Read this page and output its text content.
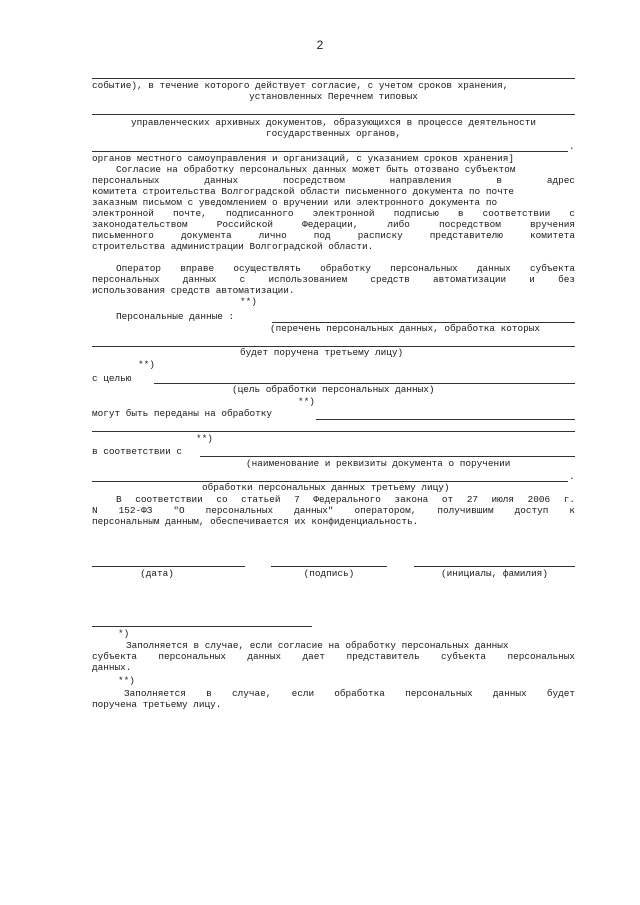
2
событие), в течение которого действует согласие, с учетом сроков хранения,
установленных Перечнем типовых
управленческих архивных документов, образующихся в процессе деятельности
государственных органов,
.
органов местного самоуправления и организаций, с указанием сроков хранения]
Согласие на обработку персональных данных может быть отозвано субъектом
персональных данных посредством направления в адрес
комитета строительства Волгоградской области письменного документа по почте
заказным письмом с уведомлением о вручении или электронного документа по
электронной почте, подписанного электронной подписью в соответствии с
законодательством Российской Федерации, либо посредством вручения
письменного документа лично под расписку представителю комитета
строительства администрации Волгоградской области.
Оператор вправе осуществлять обработку персональных данных субъекта
персональных данных с использованием средств автоматизации и без
использования средств автоматизации.
**)
Персональные данные :
(перечень персональных данных, обработка которых
будет поручена третьему лицу)
**)
с целью
(цель обработки персональных данных)
**)
могут быть переданы на обработку
**)
в соответствии с
(наименование и реквизиты документа о поручении
.
обработки персональных данных третьему лицу)
В соответствии со статьей 7 Федерального закона от 27 июля 2006 г.
N 152-ФЗ "О персональных данных" оператором, получившим доступ к
персональным данным, обеспечивается их конфиденциальность.
(дата)	(подпись)	(инициалы, фамилия)
*)
Заполняется в случае, если согласие на обработку персональных данных
субъекта персональных данных дает представитель субъекта персональных
данных.
**)
Заполняется в случае, если обработка персональных данных будет
поручена третьему лицу.
